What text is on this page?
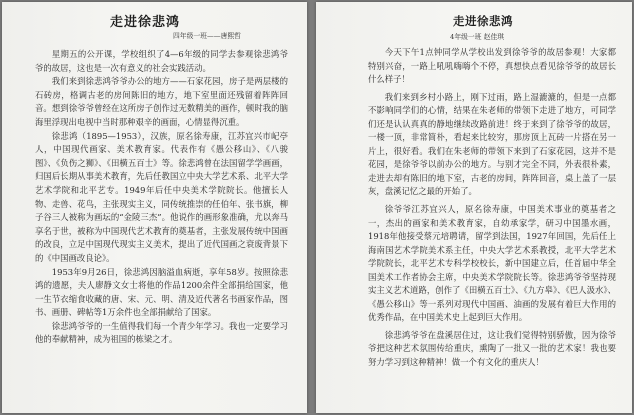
走进徐悲鸿
四年级一班——唐熙哲

星期五的公开课，学校组织了4—6年级的同学去参观徐悲鸿爷爷的故居，这也是一次有意义的社会实践活动。

我们来到徐悲鸿爷爷办公的地方——石家花园，房子是两层楼的石砖房，格调古老的房间陈旧的地方，地下室里面还残留着阵阵回音。想到徐爷爷曾经在这所房子创作过无数精美的画作，顿时我的脑海里浮现出电视中当时那种艰辛的画面，心情显得沉重。

徐悲鸿（1895—1953），汉族，原名徐寿康，江苏宜兴市屺亭人，中国现代画家、美术教育家。代表作有《愚公移山》、《八骏图》、《负伤之狮》、《田横五百士》等。徐悲鸿曾在法国留学学画画，归国后长期从事美术教育，先后任教国立中央大学艺术系、北平大学艺术学院和北平艺专。1949年后任中央美术学院院长。他擅长人物、走兽、花鸟，主张现实主义，同传统推崇的任伯年、张书旗，柳子谷三人被称为画坛的“金陵三杰”。他说作的画形象准确，尤以奔马享名于世，被称为中国现代艺术教育的奠基者，主张发展传统中国画的改良，立足中国现代现实主义美术，提出了近代国画之衰废背景下的《中国画改良论》。

1953年9月26日，徐悲鸿因脑溢血病逝，享年58岁。按照徐悲鸿的遗愿，夫人廖静文女士将他的作品1200余件全部捐给国家，他一生节衣缩食收藏的唐、宋、元、明、清及近代著名书画家作品，图书、画册、碑帖等1万余件也全部捐献给了国家。

徐悲鸿爷爷的一生值得我们每一个青少年学习。我也一定要学习他的奉献精神，成为祖国的栋梁之才。

走进徐悲鸿
4年级一班 赵佳琪

今天下午1点钟同学从学校出发到徐爷爷的故居参观！大家都特别兴奋，一路上吼吼嗨嗨个不停，真想快点看见徐爷爷的故居长什么样子！

我们来到乡村小路上，刚下过雨，路上湿漉漉的，但是一点都不影响同学们的心情，结果在朱老师的带领下走进了地方，可同学们还是认认真真的静地继续改路前进！终于来到了徐爷爷的故居，一楼一顶，非常简朴，看起来比较穷，那房顶上瓦砖一片搭在另一片上，很好看。我们在朱老师的带领下来到了石家花园，这并不是花园，是徐爷爷以前办公的地方。与别才完全不同，外表很朴素，走进去却有陈旧的地下室，古老的房间，阵阵回音，桌上盖了一层灰，盘溪记忆之最的开始了。

徐爷爷江苏宜兴人，原名徐寿康，中国美术事业的奠基者之一，杰出的画家和美术教育家，自幼承家学，研习中国墨水画，1918年他接受蔡元培聘请，留学到法国，1927年回国，先后任上海南国艺术学院美术系主任，中央大学艺术系教授，北平大学艺术学院院长，北平艺术专科学校校长，新中国建立后，任首届中华全国美术工作者协会主席，中央美术学院院长等。徐悲鸿爷爷坚持现实主义艺术道路，创作了《田横五百士》、《九方皋》、《巴人汲水》、《愚公移山》等一系列对现代中国画、油画的发展有着巨大作用的优秀作品，在中国美术史上起到巨大作用。

徐悲鸿爷爷在盘溪居住过，这让我们觉得特别骄傲，因为徐爷爷把这种艺术氛围传给重庆，熏陶了一批又一批的艺术家！我也要努力学习到这种精神！做一个有文化的重庆人！
